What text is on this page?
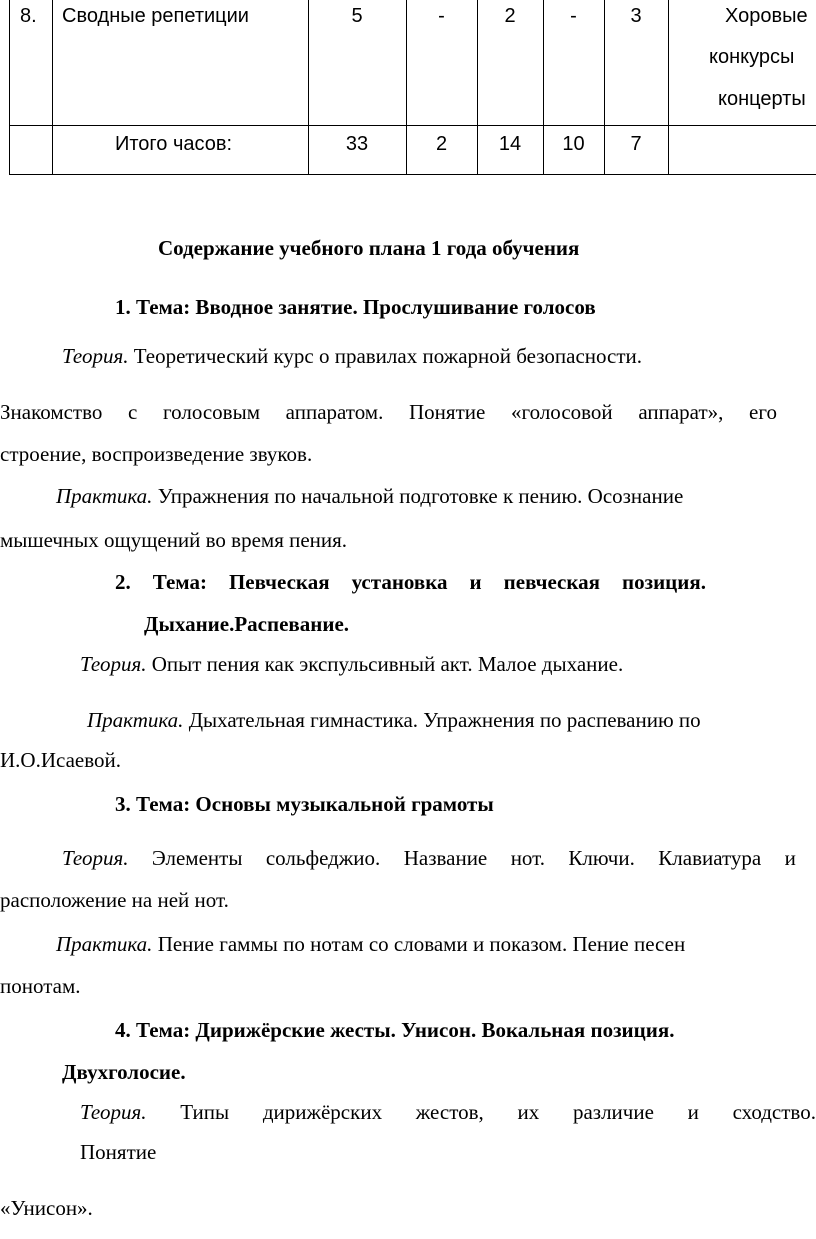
8. Сводные репетиции	5	-	2	-	3	Хоровые
конкурсы
концерты
Итого часов:	33	2	14	10	7
Содержание учебного плана 1 года обучения
1. Тема: Вводное занятие. Прослушивание голосов
Теория. Теоретический курс о правилах пожарной безопасности.
Знакомство с голосовым аппаратом. Понятие «голосовой аппарат», его
строение, воспроизведение звуков.
Практика. Упражнения по начальной подготовке к пению. Осознание
мышечных ощущений во время пения.
2. Тема: Певческая установка и певческая позиция.
Дыхание.Распевание.
Теория. Опыт пения как экспульсивный акт. Малое дыхание.
Практика. Дыхательная гимнастика. Упражнения по распеванию по
И.О.Исаевой.
3. Тема: Основы музыкальной грамоты
Теория. Элементы сольфеджио. Название нот. Ключи. Клавиатура и
расположение на ней нот.
Практика. Пение гаммы по нотам со словами и показом. Пение песен
понотам.
4. Тема: Дирижёрские жесты. Унисон. Вокальная позиция.
Двухголосие.
Теория. Типы дирижёрских жестов, их различие и сходство.
Понятие
«Унисон».
